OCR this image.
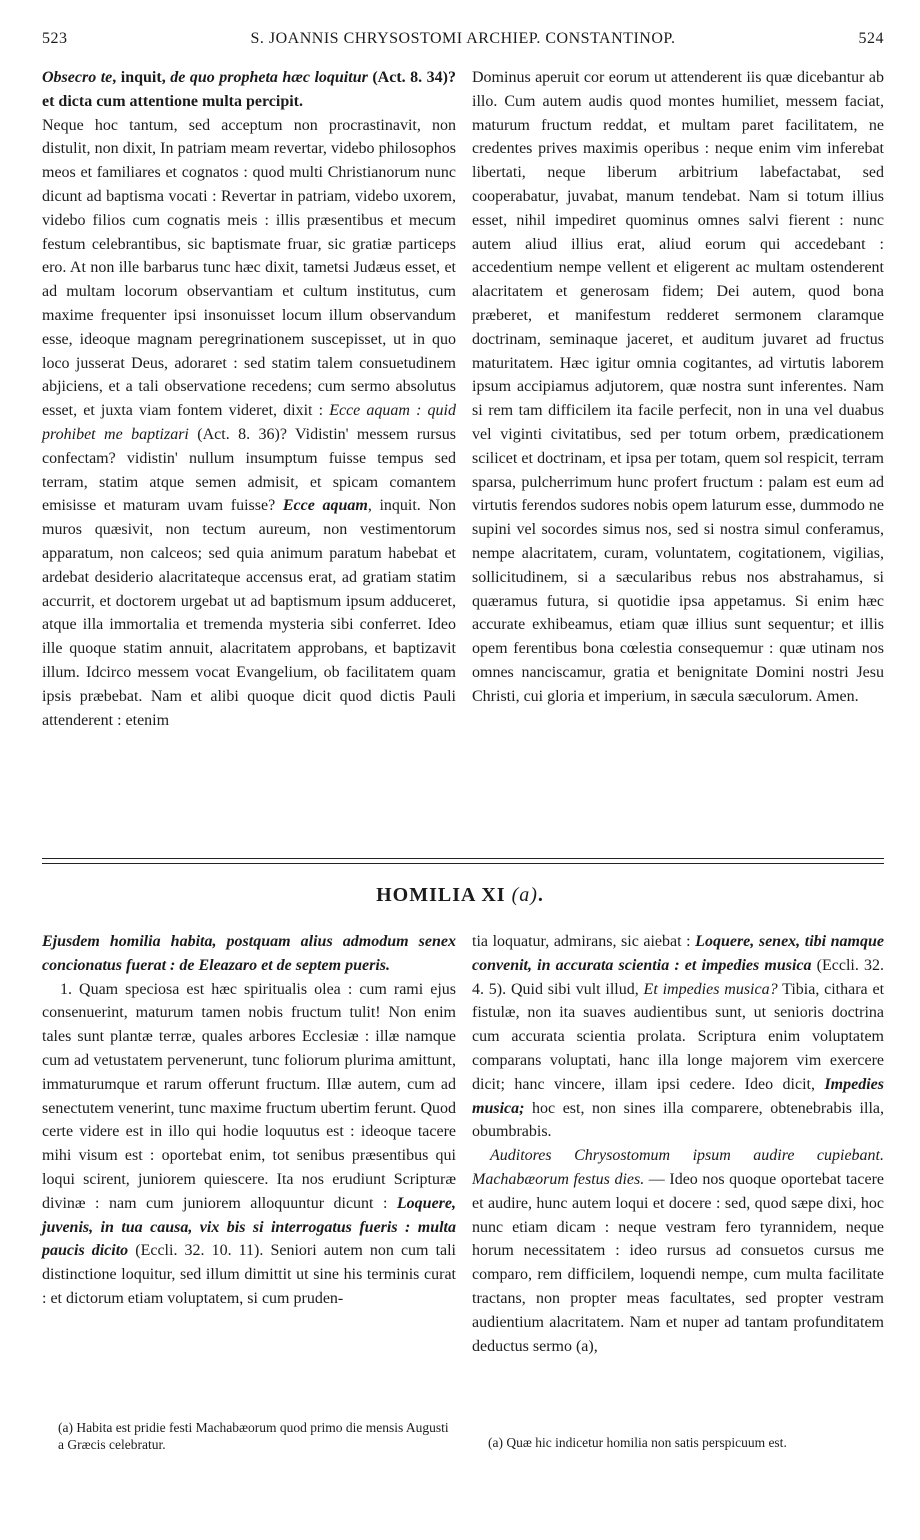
523	S. JOANNIS CHRYSOSTOMI ARCHIEP. CONSTANTINOP.	524

Obsecro te, inquit, de quo propheta hæc loquitur (Act. 8. 34)? et dicta cum attentione multa percipit.

Neque hoc tantum, sed acceptum non procrastinavit, non distulit, non dixit, In patriam meam revertar, videbo philosophos meos et familiares et cognatos : quod multi Christianorum nunc dicunt ad baptisma vocati : Revertar in patriam, videbo uxorem, videbo filios cum cognatis meis : illis præsentibus et mecum festum celebrantibus, sic baptismate fruar, sic gratiæ particeps ero. At non ille barbarus tunc hæc dixit, tametsi Judæus esset, et ad multam locorum observantiam et cultum institutus, cum maxime frequenter ipsi insonuisset locum illum observandum esse, ideoque magnam peregrinationem suscepisset, ut in quo loco jusserat Deus, adoraret : sed statim talem consuetudinem abjiciens, et a tali observatione recedens; cum sermo absolutus esset, et juxta viam fontem videret, dixit : Ecce aquam : quid prohibet me baptizari (Act. 8. 36)? Vidistin' messem rursus confectam? vidistin' nullum insumptum fuisse tempus sed terram, statim atque semen admisit, et spicam comantem emisisse et maturam uvam fuisse? Ecce aquam, inquit. Non muros quæsivit, non tectum aureum, non vestimentorum apparatum, non calceos; sed quia animum paratum habebat et ardebat desiderio alacritateque accensus erat, ad gratiam statim accurrit, et doctorem urgebat ut ad baptismum ipsum adduceret, atque illa immortalia et tremenda mysteria sibi conferret. Ideo ille quoque statim annuit, alacritatem approbans, et baptizavit illum. Idcirco messem vocat Evangelium, ob facilitatem quam ipsis præbebat. Nam et alibi quoque dicit quod dictis Pauli attenderent : etenim

Dominus aperuit cor eorum ut attenderent iis quæ dicebantur ab illo. Cum autem audis quod montes humiliet, messem faciat, maturum fructum reddat, et multam paret facilitatem, ne credentes prives maximis operibus : neque enim vim inferebat libertati, neque liberum arbitrium labefactabat, sed cooperabatur, juvabat, manum tendebat. Nam si totum illius esset, nihil impediret quominus omnes salvi fierent : nunc autem aliud illius erat, aliud eorum qui accedebant : accedentium nempe vellent et eligerent ac multam ostenderent alacritatem et generosam fidem; Dei autem, quod bona præberet, et manifestum redderet sermonem claramque doctrinam, seminaque jaceret, et auditum juvaret ad fructus maturitatem. Hæc igitur omnia cogitantes, ad virtutis laborem ipsum accipiamus adjutorem, quæ nostra sunt inferentes. Nam si rem tam difficilem ita facile perfecit, non in una vel duabus vel viginti civitatibus, sed per totum orbem, prædicationem scilicet et doctrinam, et ipsa per totam, quem sol respicit, terram sparsa, pulcherrimum hunc profert fructum : palam est eum ad virtutis ferendos sudores nobis opem laturum esse, dummodo ne supini vel socordes simus nos, sed si nostra simul conferamus, nempe alacritatem, curam, voluntatem, cogitationem, vigilias, sollicitudinem, si a sæcularibus rebus nos abstrahamus, si quæramus futura, si quotidie ipsa appetamus. Si enim hæc accurate exhibeamus, etiam quæ illius sunt sequentur; et illis opem ferentibus bona cœlestia consequemur : quæ utinam nos omnes nanciscamur, gratia et benignitate Domini nostri Jesu Christi, cui gloria et imperium, in sæcula sæculorum. Amen.

HOMILIA XI (a).

Ejusdem homilia habita, postquam alius admodum senex concionatus fuerat : de Eleazaro et de septem pueris.

1. Quam speciosa est hæc spiritualis olea : cum rami ejus consenuerint, maturum tamen nobis fructum tulit! Non enim tales sunt plantæ terræ, quales arbores Ecclesiæ : illæ namque cum ad vetustatem pervenerunt, tunc foliorum plurima amittunt, immaturumque et rarum offerunt fructum. Illæ autem, cum ad senectutem venerint, tunc maxime fructum ubertim ferunt. Quod certe videre est in illo qui hodie loquutus est : ideoque tacere mihi visum est : oportebat enim, tot senibus præsentibus qui loqui scirent, juniorem quiescere. Ita nos erudiunt Scripturæ divinæ : nam cum juniorem alloquuntur dicunt : Loquere, juvenis, in tua causa, vix bis si interrogatus fueris : multa paucis dicito (Eccli. 32. 10. 11). Seniori autem non cum tali distinctione loquitur, sed illum dimittit ut sine his terminis curat : et dictorum etiam voluptatem, si cum pruden-

(a) Habita est pridie festi Machabæorum quod primo die mensis Augusti a Græcis celebratur.

tia loquatur, admirans, sic aiebat : Loquere, senex, tibi namque convenit, in accurata scientia : et impedies musica (Eccli. 32. 4. 5). Quid sibi vult illud, Et impedies musica? Tibia, cithara et fistulæ, non ita suaves audientibus sunt, ut senioris doctrina cum accurata scientia prolata. Scriptura enim voluptatem comparans voluptati, hanc illa longe majorem vim exercere dicit; hanc vincere, illam ipsi cedere. Ideo dicit, Impedies musica; hoc est, non sines illa comparere, obtenebrabis illa, obumbrabis.

Auditores Chrysostomum ipsum audire cupiebant. Machabæorum festus dies. — Ideo nos quoque oportebat tacere et audire, hunc autem loqui et docere : sed, quod sæpe dixi, hoc nunc etiam dicam : neque vestram fero tyrannidem, neque horum necessitatem : ideo rursus ad consuetos cursus me comparo, rem difficilem, loquendi nempe, cum multa facilitate tractans, non propter meas facultates, sed propter vestram audientium alacritatem. Nam et nuper ad tantam profunditatem deductus sermo (a),

(a) Quæ hic indicetur homilia non satis perspicuum est.
